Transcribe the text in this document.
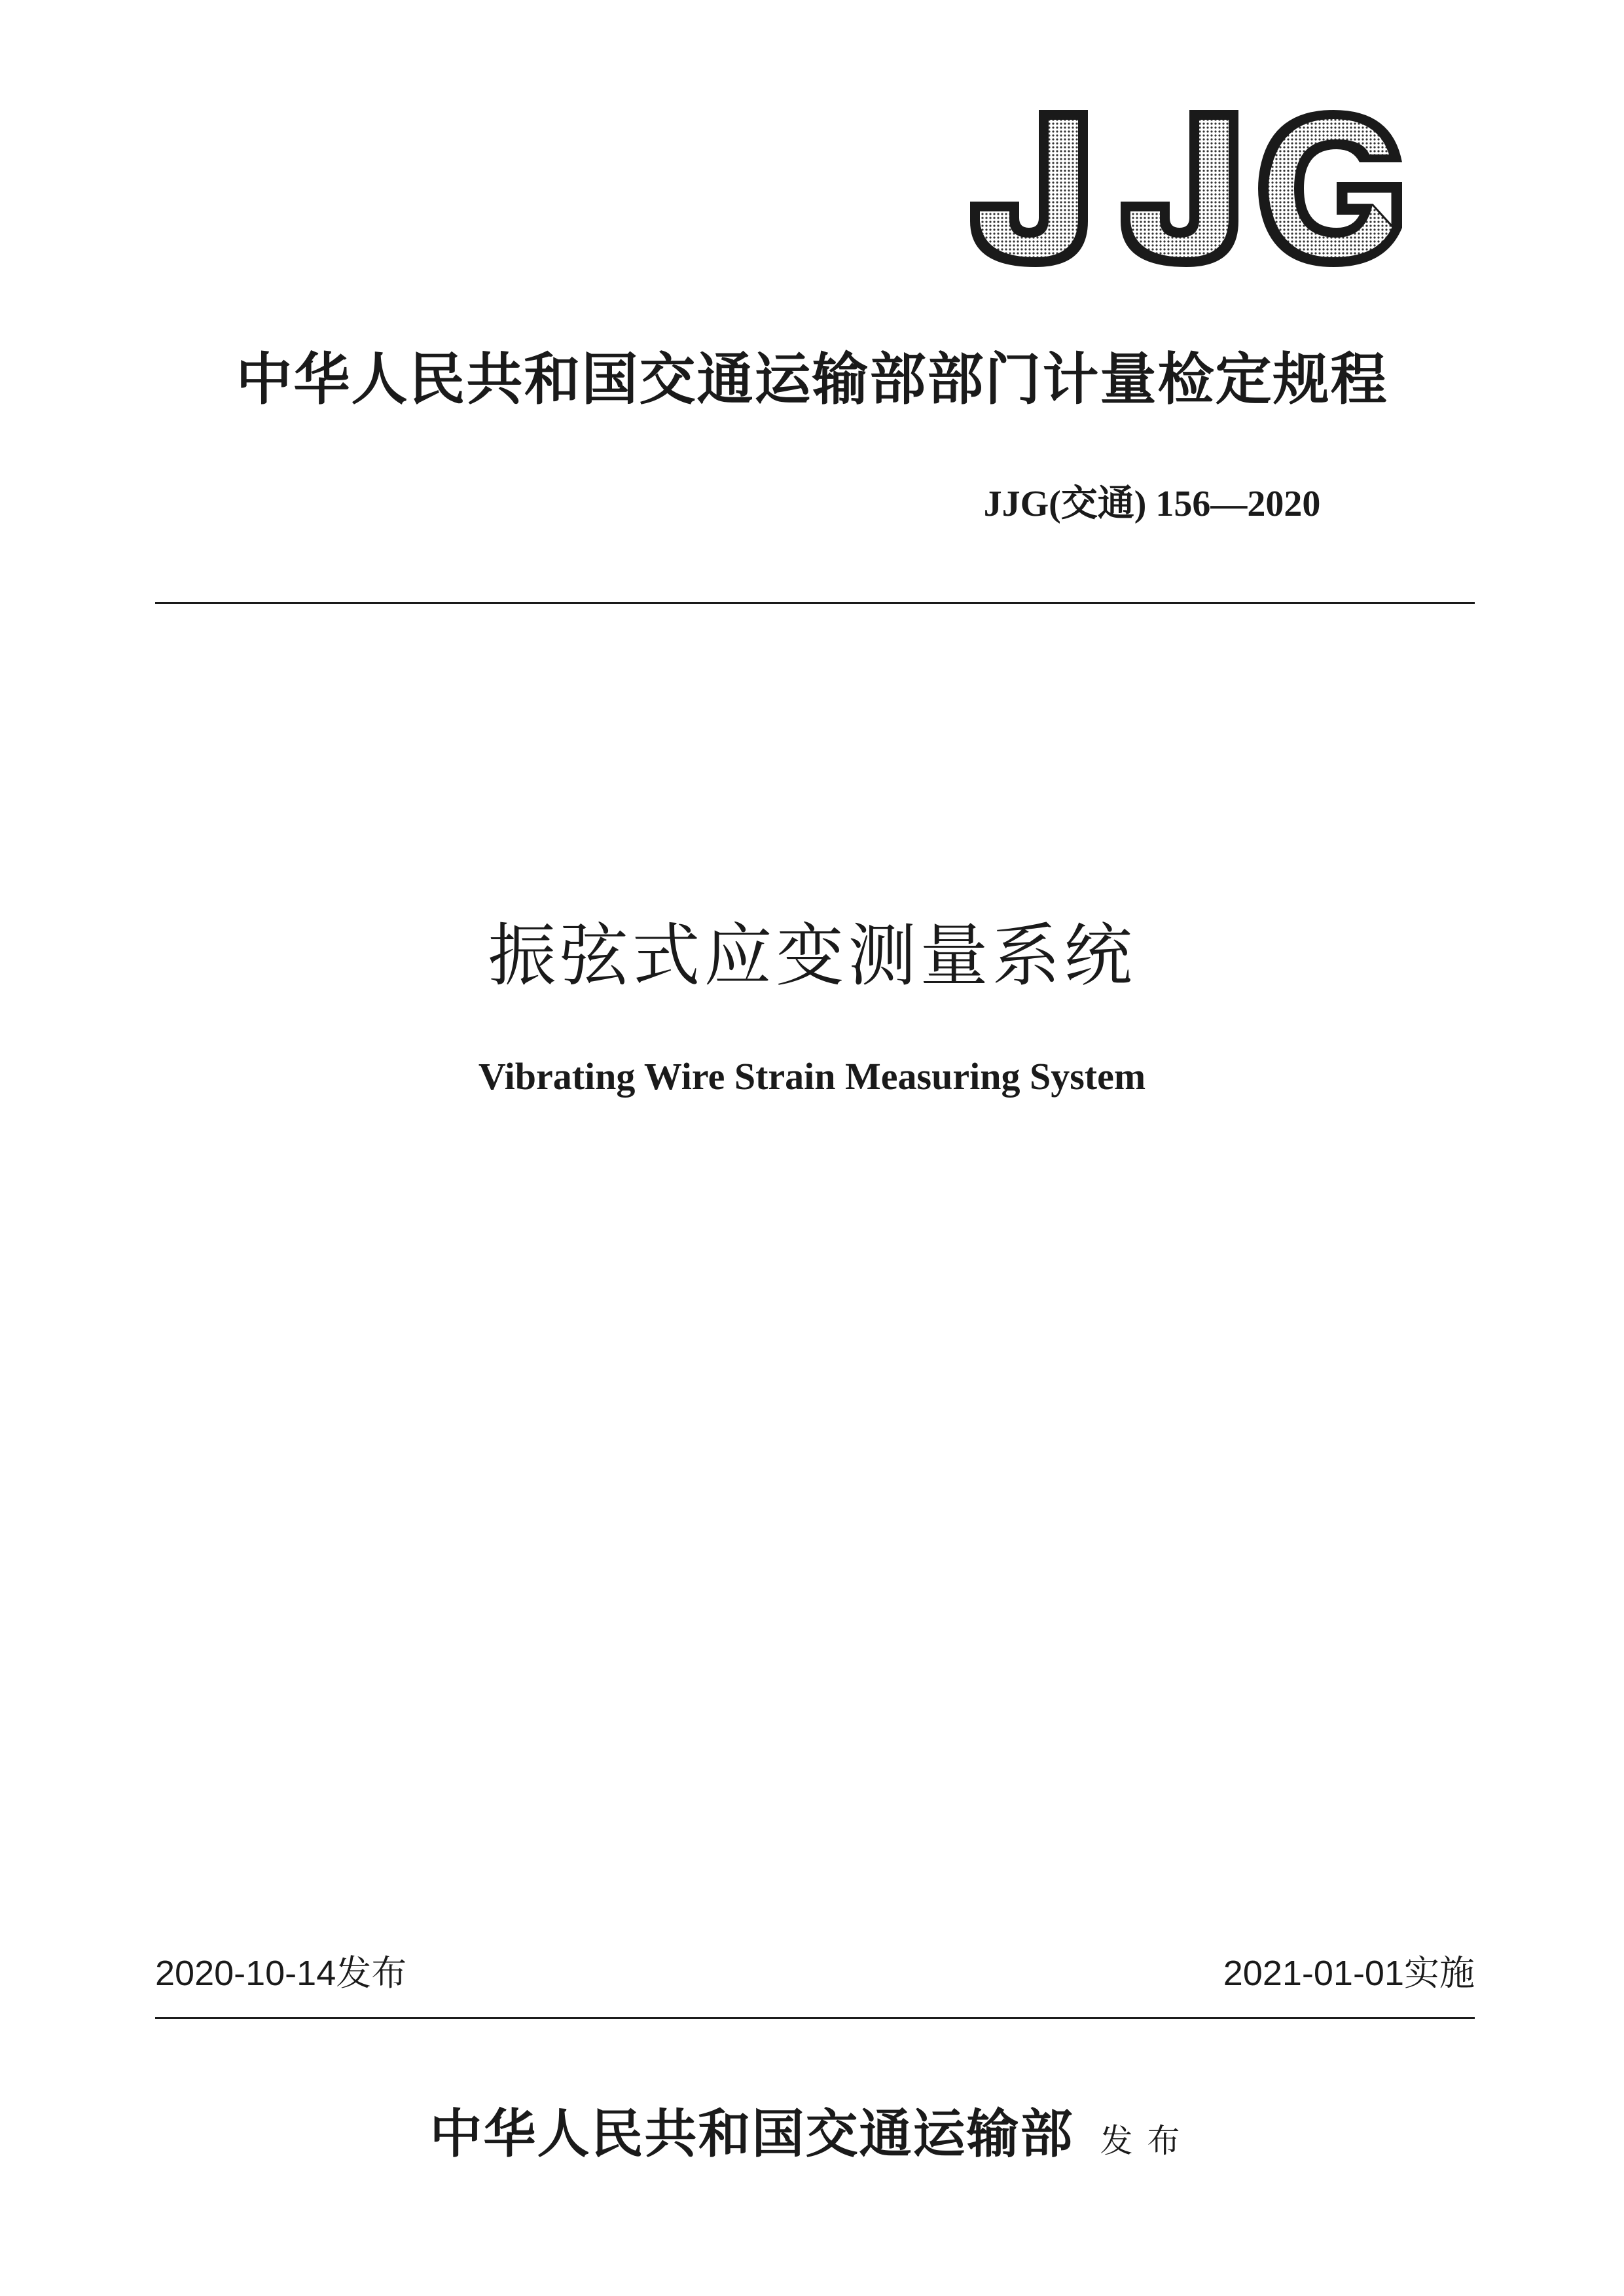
中华人民共和国交通运输部部门计量检定规程
JJG(交通) 156—2020
振弦式应变测量系统
Vibrating Wire Strain Measuring System
2020-10-14发布	2021-01-01实施
中华人民共和国交通运输部 发布
